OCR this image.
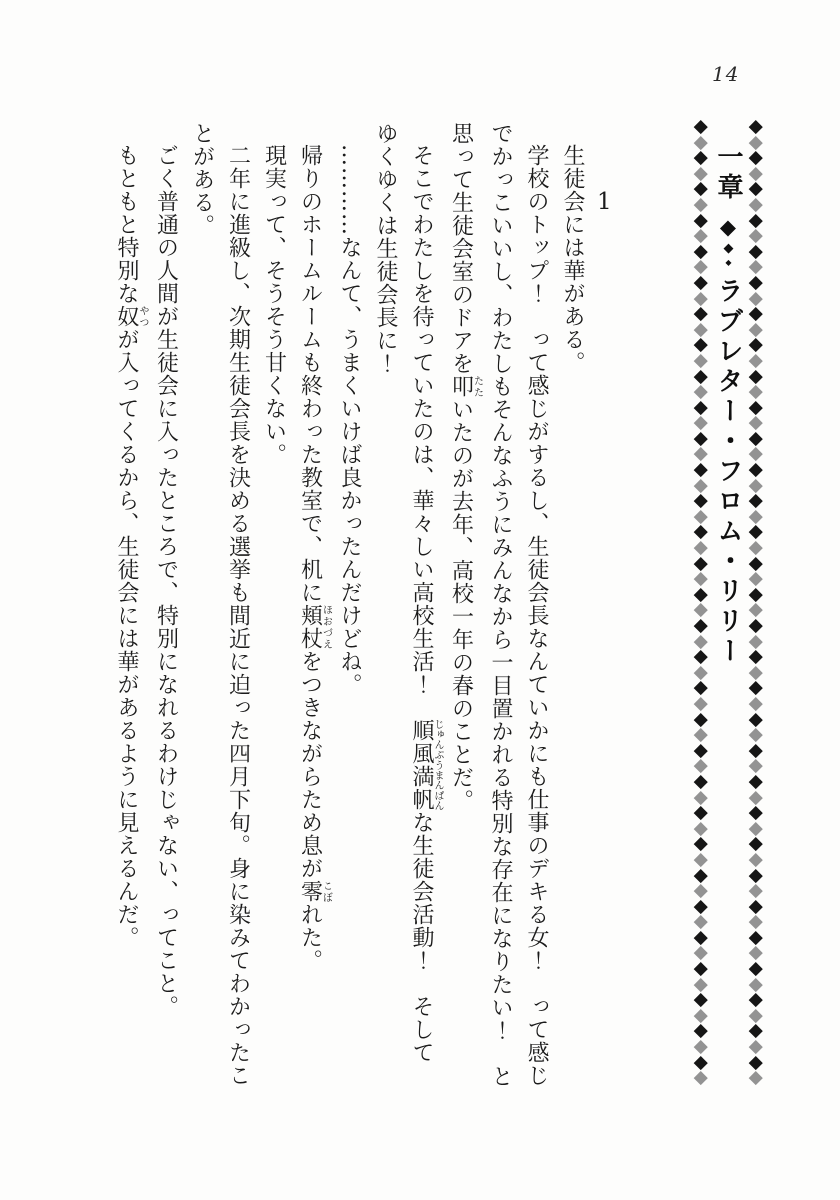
14
一章◆◆◆ラブレター・フロム・リリー
1
生徒会には華がある。
学校のトップ！　って感じがするし、生徒会長なんていかにも仕事のデキる女！　って感じ
でかっこいいし、わたしもそんなふうにみんなから一目置かれる特別な存在になりたい！　と
思って生徒会室のドアを叩たたいたのが去年、高校一年の春のことだ。
そこでわたしを待っていたのは、華々しい高校生活！　順風満帆じゅんぷうまんぱんな生徒会活動！　そして
ゆくゆくは生徒会長に！
…………なんて、うまくいけば良かったんだけどね。
帰りのホームルームも終わった教室で、机に頬杖ほおづえをつきながらため息が零こぼれた。
現実って、そうそう甘くない。
二年に進級し、次期生徒会長を決める選挙も間近に迫った四月下旬。身に染みてわかったこ
とがある。
ごく普通の人間が生徒会に入ったところで、特別になれるわけじゃない、ってこと。
もともと特別な奴やつが入ってくるから、生徒会には華があるように見えるんだ。
